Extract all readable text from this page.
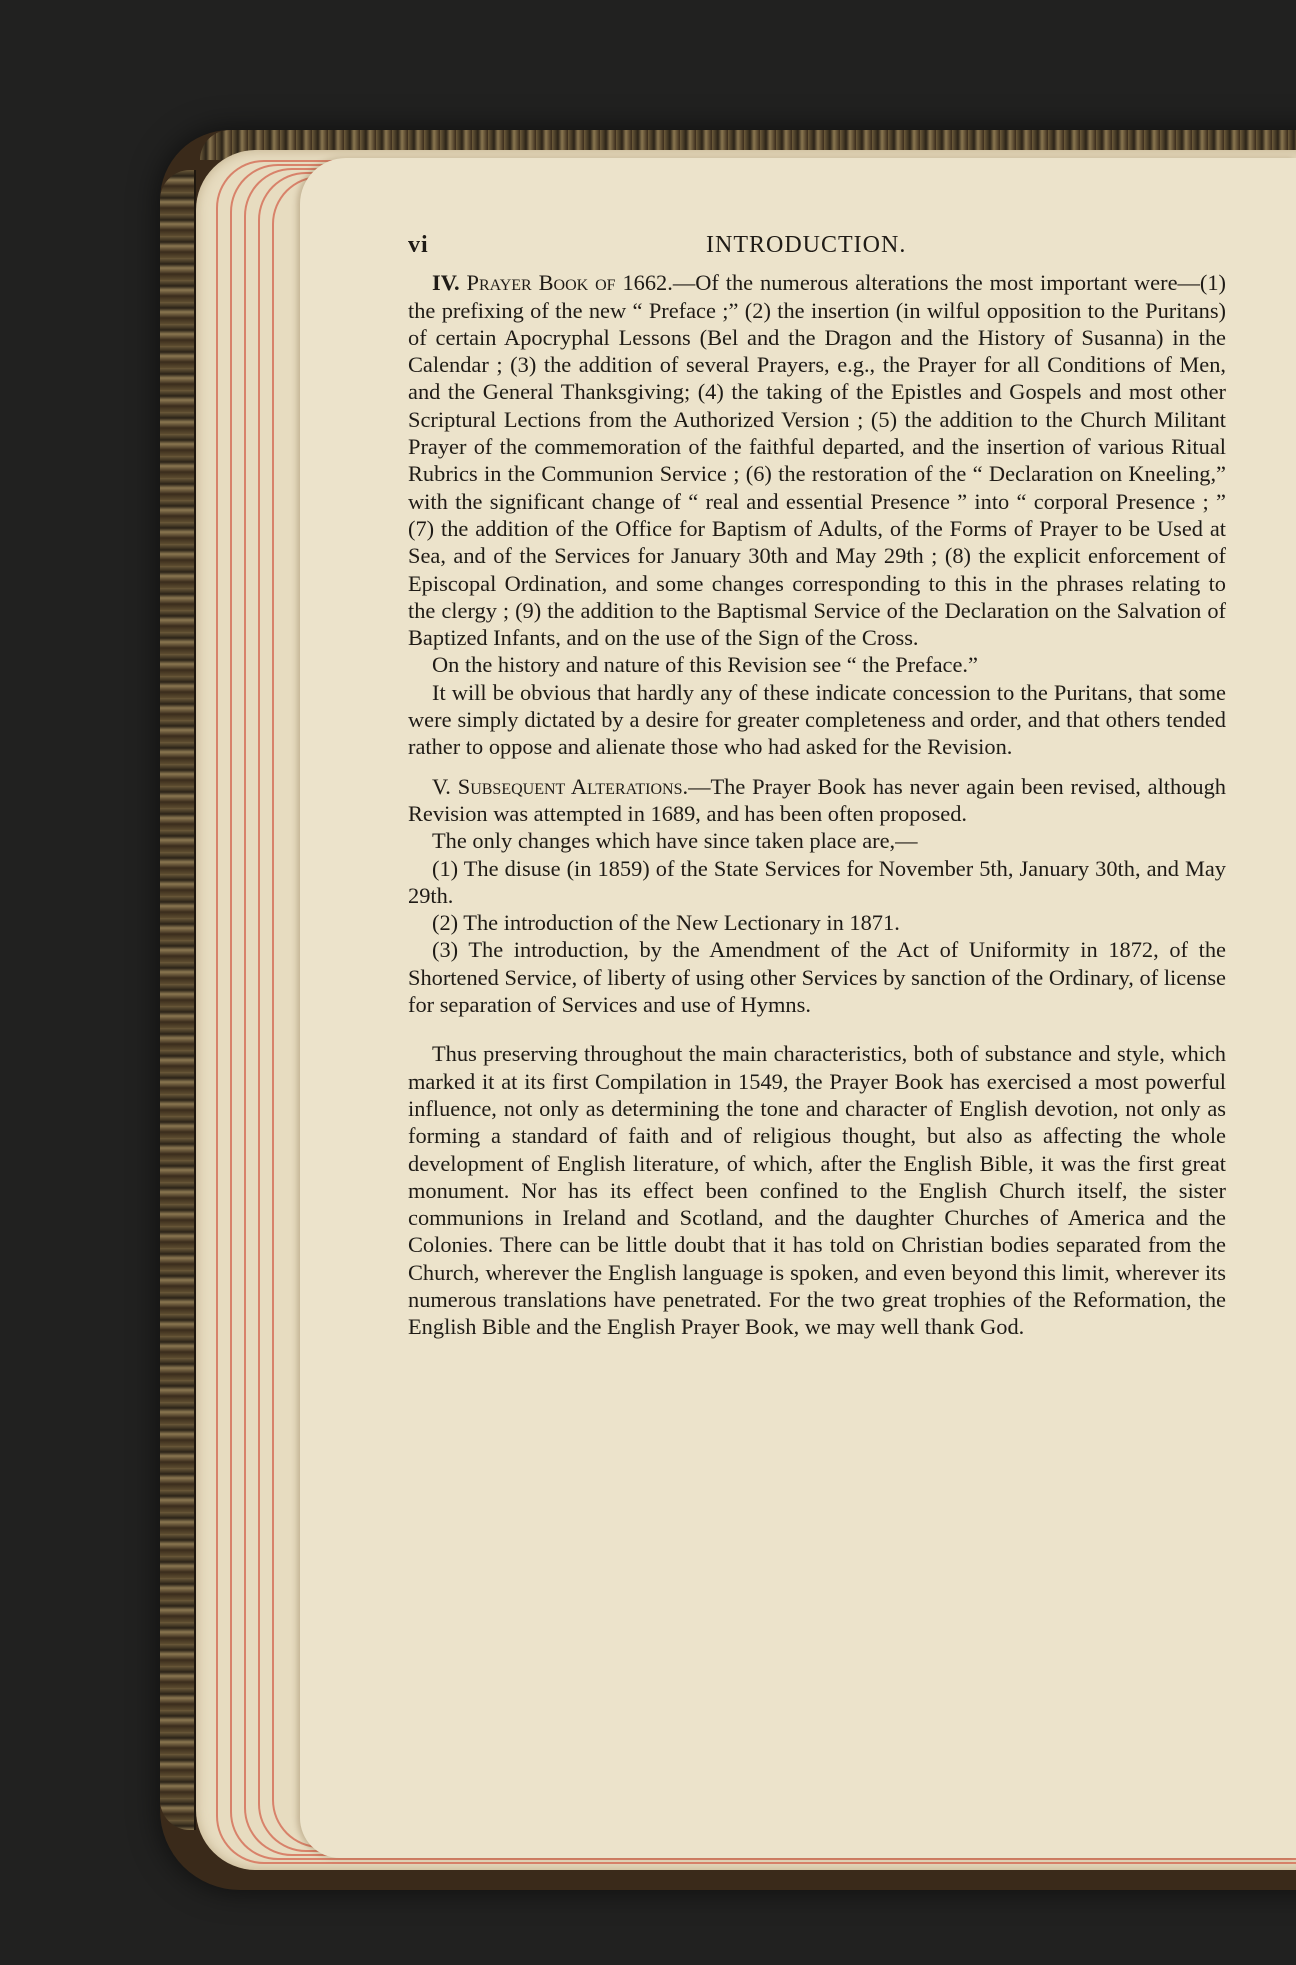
vi	INTRODUCTION.

IV. Prayer Book of 1662.—Of the numerous alterations the most important were—(1) the prefixing of the new “ Preface ;” (2) the insertion (in wilful opposition to the Puritans) of certain Apocryphal Lessons (Bel and the Dragon and the History of Susanna) in the Calendar ; (3) the addition of several Prayers, e.g., the Prayer for all Conditions of Men, and the General Thanksgiving; (4) the taking of the Epistles and Gospels and most other Scriptural Lections from the Authorized Version ; (5) the addition to the Church Militant Prayer of the commemoration of the faithful departed, and the insertion of various Ritual Rubrics in the Communion Service ; (6) the restoration of the “ Declaration on Kneeling,” with the significant change of “ real and essential Presence ” into “ corporal Presence ; ” (7) the addition of the Office for Baptism of Adults, of the Forms of Prayer to be Used at Sea, and of the Services for January 30th and May 29th ; (8) the explicit enforcement of Episcopal Ordination, and some changes corresponding to this in the phrases relating to the clergy ; (9) the addition to the Baptismal Service of the Declaration on the Salvation of Baptized Infants, and on the use of the Sign of the Cross.

On the history and nature of this Revision see “ the Preface.”

It will be obvious that hardly any of these indicate concession to the Puritans, that some were simply dictated by a desire for greater completeness and order, and that others tended rather to oppose and alienate those who had asked for the Revision.

V. Subsequent Alterations.—The Prayer Book has never again been revised, although Revision was attempted in 1689, and has been often proposed.

The only changes which have since taken place are,—

(1) The disuse (in 1859) of the State Services for November 5th, January 30th, and May 29th.

(2) The introduction of the New Lectionary in 1871.

(3) The introduction, by the Amendment of the Act of Uniformity in 1872, of the Shortened Service, of liberty of using other Services by sanction of the Ordinary, of license for separation of Services and use of Hymns.

Thus preserving throughout the main characteristics, both of substance and style, which marked it at its first Compilation in 1549, the Prayer Book has exercised a most powerful influence, not only as determining the tone and character of English devotion, not only as forming a standard of faith and of religious thought, but also as affecting the whole development of English literature, of which, after the English Bible, it was the first great monument. Nor has its effect been confined to the English Church itself, the sister communions in Ireland and Scotland, and the daughter Churches of America and the Colonies. There can be little doubt that it has told on Christian bodies separated from the Church, wherever the English language is spoken, and even beyond this limit, wherever its numerous translations have penetrated. For the two great trophies of the Reformation, the English Bible and the English Prayer Book, we may well thank God.
